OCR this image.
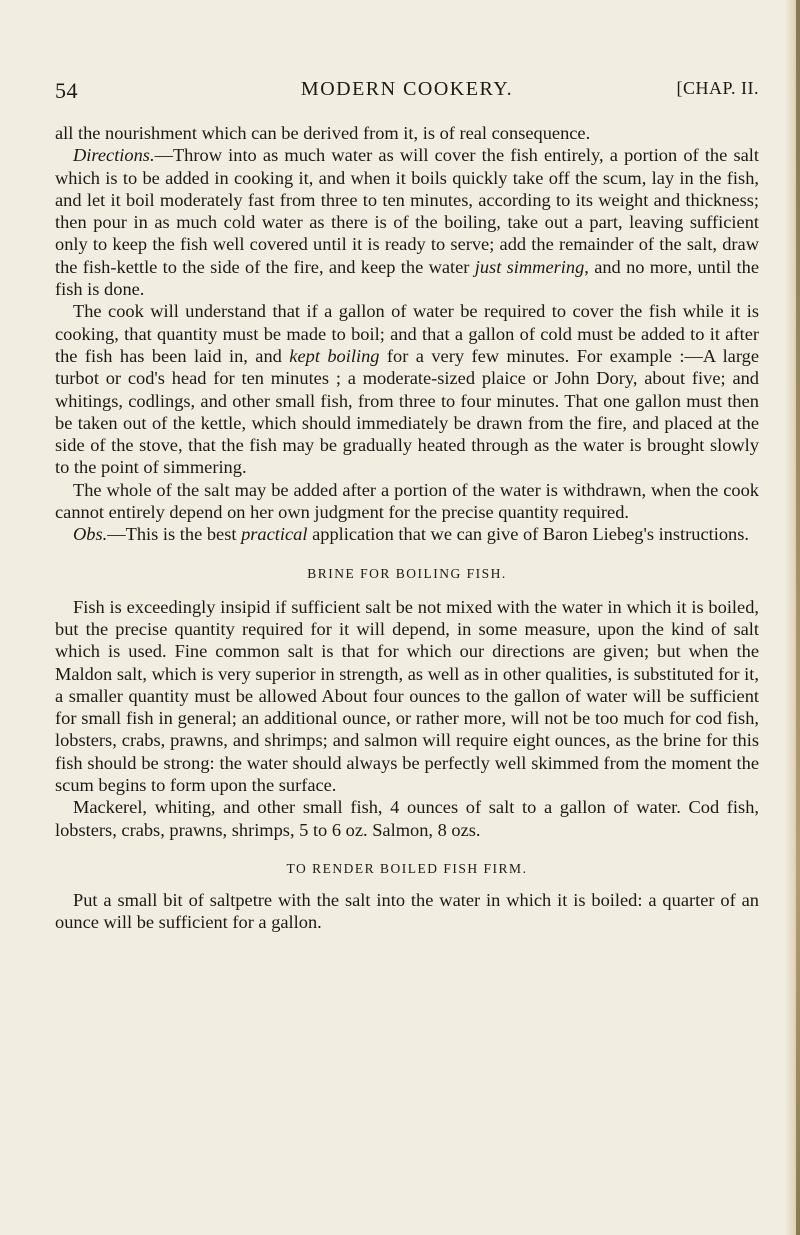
54	MODERN COOKERY.	[CHAP. II.

all the nourishment which can be derived from it, is of real consequence.

Directions.—Throw into as much water as will cover the fish entirely, a portion of the salt which is to be added in cooking it, and when it boils quickly take off the scum, lay in the fish, and let it boil moderately fast from three to ten minutes, according to its weight and thickness; then pour in as much cold water as there is of the boiling, take out a part, leaving sufficient only to keep the fish well covered until it is ready to serve; add the remainder of the salt, draw the fish-kettle to the side of the fire, and keep the water just simmering, and no more, until the fish is done.

The cook will understand that if a gallon of water be required to cover the fish while it is cooking, that quantity must be made to boil; and that a gallon of cold must be added to it after the fish has been laid in, and kept boiling for a very few minutes. For example :—A large turbot or cod's head for ten minutes ; a moderate-sized plaice or John Dory, about five; and whitings, codlings, and other small fish, from three to four minutes. That one gallon must then be taken out of the kettle, which should immediately be drawn from the fire, and placed at the side of the stove, that the fish may be gradually heated through as the water is brought slowly to the point of simmering.

The whole of the salt may be added after a portion of the water is withdrawn, when the cook cannot entirely depend on her own judgment for the precise quantity required.

Obs.—This is the best practical application that we can give of Baron Liebeg's instructions.

BRINE FOR BOILING FISH.

Fish is exceedingly insipid if sufficient salt be not mixed with the water in which it is boiled, but the precise quantity required for it will depend, in some measure, upon the kind of salt which is used. Fine common salt is that for which our directions are given; but when the Maldon salt, which is very superior in strength, as well as in other qualities, is substituted for it, a smaller quantity must be allowed About four ounces to the gallon of water will be sufficient for small fish in general; an additional ounce, or rather more, will not be too much for cod fish, lobsters, crabs, prawns, and shrimps; and salmon will require eight ounces, as the brine for this fish should be strong: the water should always be perfectly well skimmed from the moment the scum begins to form upon the surface.

Mackerel, whiting, and other small fish, 4 ounces of salt to a gallon of water. Cod fish, lobsters, crabs, prawns, shrimps, 5 to 6 oz. Salmon, 8 ozs.

TO RENDER BOILED FISH FIRM.

Put a small bit of saltpetre with the salt into the water in which it is boiled: a quarter of an ounce will be sufficient for a gallon.
